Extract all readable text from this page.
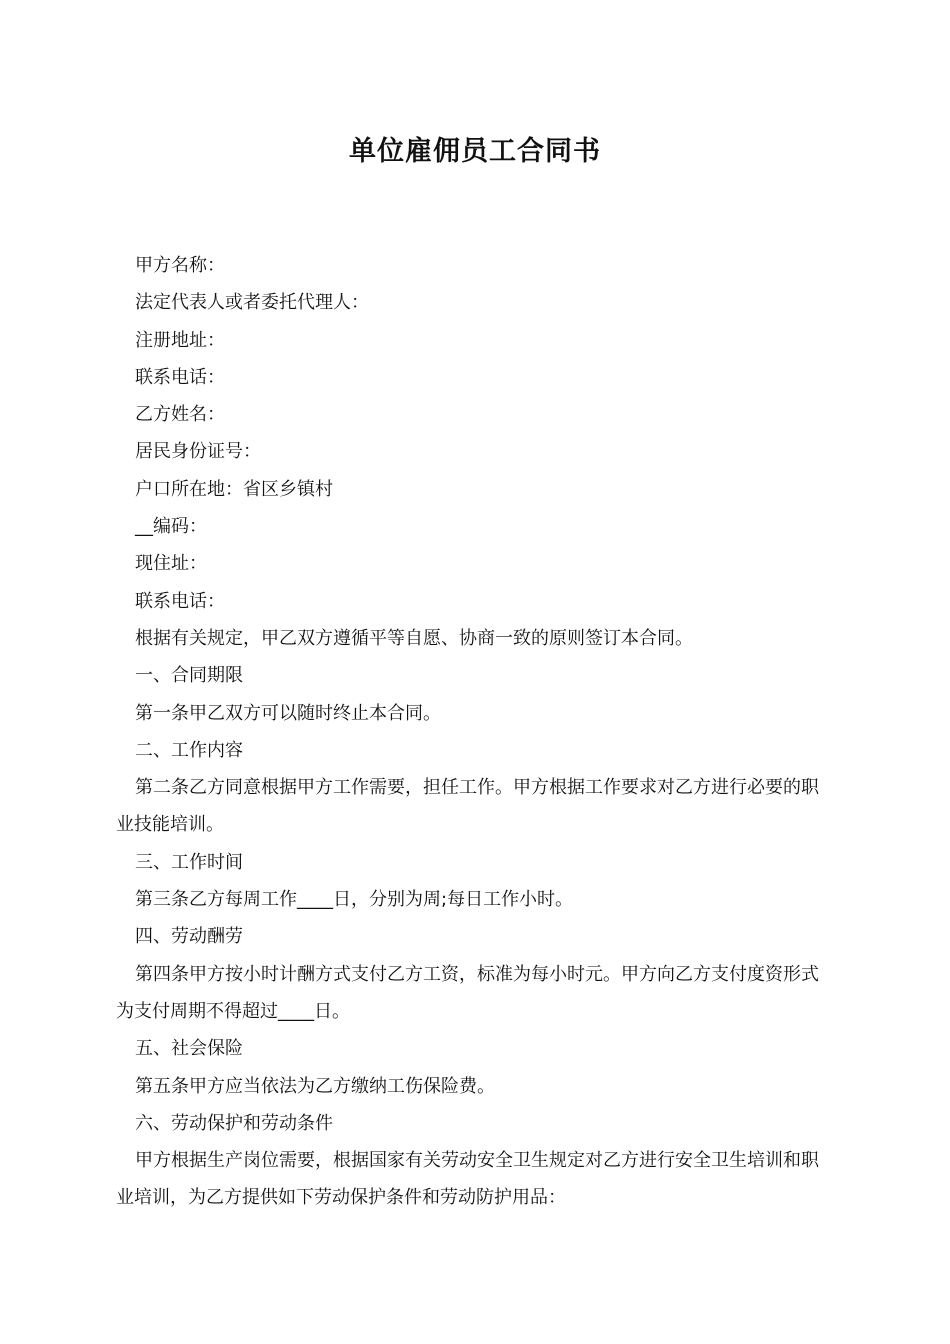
单位雇佣员工合同书

甲方名称：

法定代表人或者委托代理人：

注册地址：

联系电话：

乙方姓名：

居民身份证号：

户口所在地：省区乡镇村

__编码：

现住址：

联系电话：

根据有关规定，甲乙双方遵循平等自愿、协商一致的原则签订本合同。

一、合同期限

第一条甲乙双方可以随时终止本合同。

二、工作内容

第二条乙方同意根据甲方工作需要，担任工作。甲方根据工作要求对乙方进行必要的职业技能培训。

三、工作时间

第三条乙方每周工作____日，分别为周;每日工作小时。

四、劳动酬劳

第四条甲方按小时计酬方式支付乙方工资，标准为每小时元。甲方向乙方支付度资形式为支付周期不得超过____日。

五、社会保险

第五条甲方应当依法为乙方缴纳工伤保险费。

六、劳动保护和劳动条件

甲方根据生产岗位需要，根据国家有关劳动安全卫生规定对乙方进行安全卫生培训和职业培训，为乙方提供如下劳动保护条件和劳动防护用品：
